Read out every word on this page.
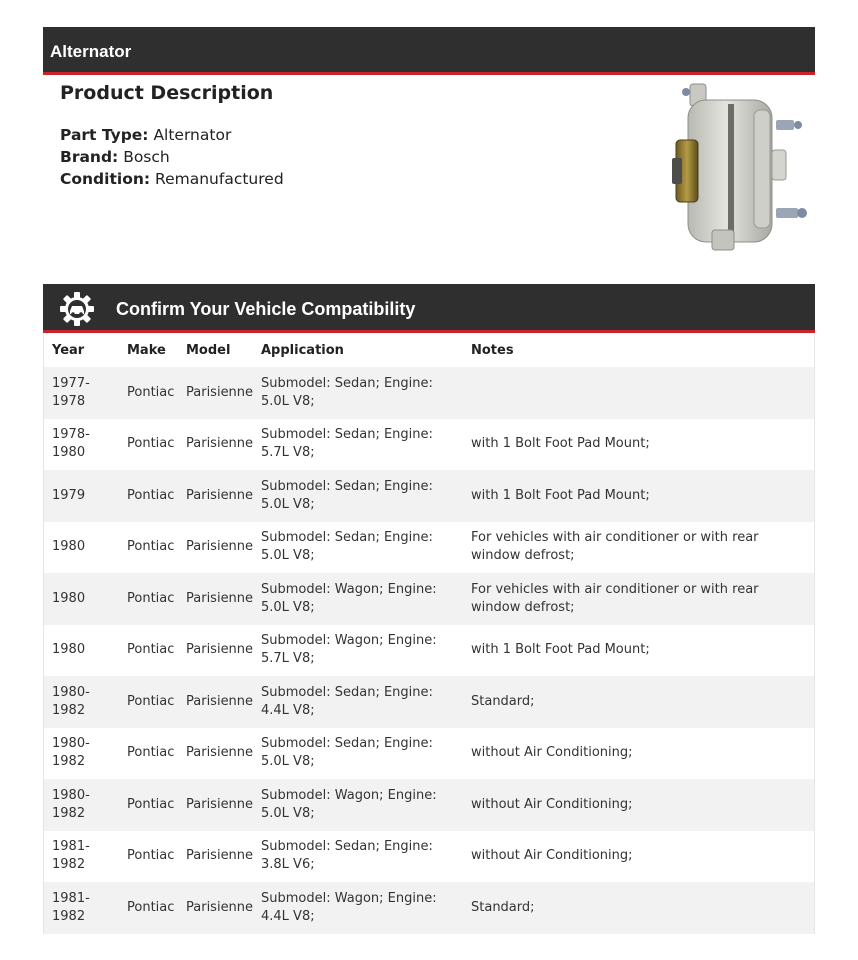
Alternator
Product Description
Part Type: Alternator
Brand: Bosch
Condition: Remanufactured
Confirm Your Vehicle Compatibility
Year	Make	Model	Application	Notes
1977-1978	Pontiac	Parisienne	Submodel: Sedan; Engine: 5.0L V8;	
1978-1980	Pontiac	Parisienne	Submodel: Sedan; Engine: 5.7L V8;	with 1 Bolt Foot Pad Mount;
1979	Pontiac	Parisienne	Submodel: Sedan; Engine: 5.0L V8;	with 1 Bolt Foot Pad Mount;
1980	Pontiac	Parisienne	Submodel: Sedan; Engine: 5.0L V8;	For vehicles with air conditioner or with rear window defrost;
1980	Pontiac	Parisienne	Submodel: Wagon; Engine: 5.0L V8;	For vehicles with air conditioner or with rear window defrost;
1980	Pontiac	Parisienne	Submodel: Wagon; Engine: 5.7L V8;	with 1 Bolt Foot Pad Mount;
1980-1982	Pontiac	Parisienne	Submodel: Sedan; Engine: 4.4L V8;	Standard;
1980-1982	Pontiac	Parisienne	Submodel: Sedan; Engine: 5.0L V8;	without Air Conditioning;
1980-1982	Pontiac	Parisienne	Submodel: Wagon; Engine: 5.0L V8;	without Air Conditioning;
1981-1982	Pontiac	Parisienne	Submodel: Sedan; Engine: 3.8L V6;	without Air Conditioning;
1981-1982	Pontiac	Parisienne	Submodel: Wagon; Engine: 4.4L V8;	Standard;
